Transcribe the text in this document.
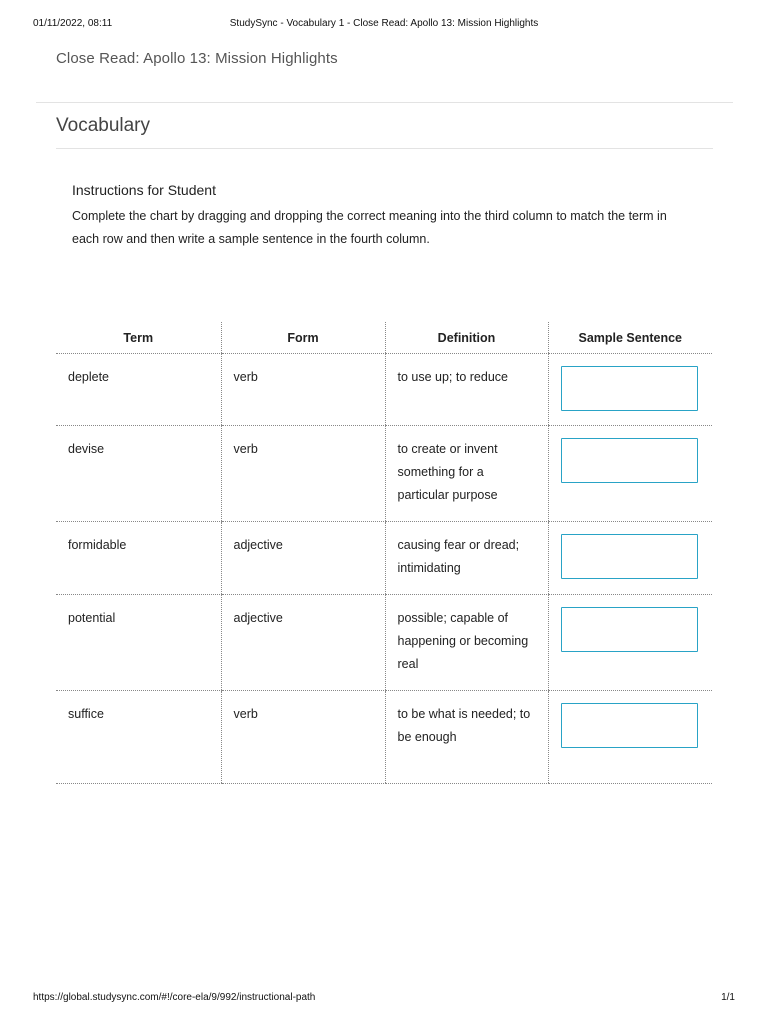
01/11/2022, 08:11	StudySync - Vocabulary 1 - Close Read: Apollo 13: Mission Highlights
Close Read: Apollo 13: Mission Highlights
Vocabulary
Instructions for Student
Complete the chart by dragging and dropping the correct meaning into the third column to match the term in each row and then write a sample sentence in the fourth column.
Term	Form	Definition	Sample Sentence
deplete	verb	to use up; to reduce	

devise	verb	to create or invent something for a particular purpose	

formidable	adjective	causing fear or dread; intimidating	

potential	adjective	possible; capable of happening or becoming real	

suffice	verb	to be what is needed; to be enough	
https://global.studysync.com/#!/core-ela/9/992/instructional-path	1/1
